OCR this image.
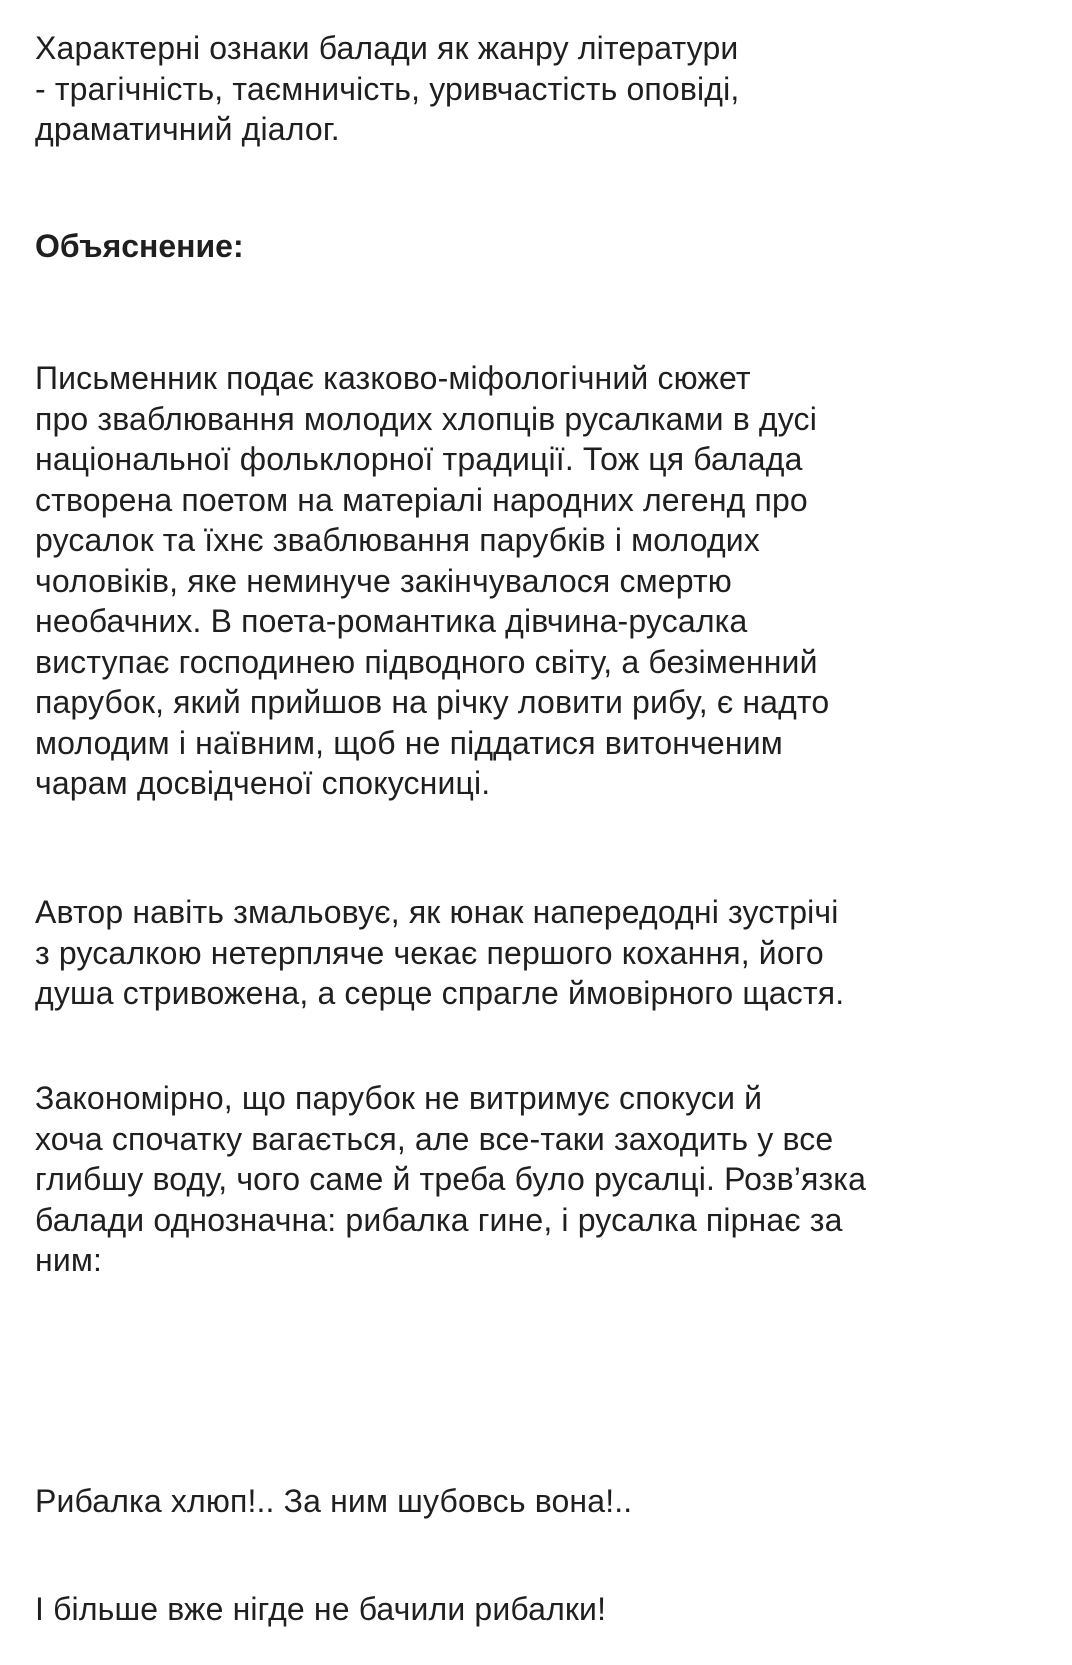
Характерні ознаки балади як жанру літератури
- трагічність, таємничість, уривчастість оповіді,
драматичний діалог.
Объяснение:
Письменник подає казково-міфологічний сюжет
про зваблювання молодих хлопців русалками в дусі
національної фольклорної традиції. Тож ця балада
створена поетом на матеріалі народних легенд про
русалок та їхнє зваблювання парубків і молодих
чоловіків, яке неминуче закінчувалося смертю
необачних. В поета-романтика дівчина-русалка
виступає господинею підводного світу, а безіменний
парубок, який прийшов на річку ловити рибу, є надто
молодим і наївним, щоб не піддатися витонченим
чарам досвідченої спокусниці.
Автор навіть змальовує, як юнак напередодні зустрічі
з русалкою нетерпляче чекає першого кохання, його
душа стривожена, а серце спрагле ймовірного щастя.
Закономірно, що парубок не витримує спокуси й
хоча спочатку вагається, але все-таки заходить у все
глибшу воду, чого саме й треба було русалці. Розв’язка
балади однозначна: рибалка гине, і русалка пірнає за
ним:
Рибалка хлюп!.. За ним шубовсь вона!..
І більше вже нігде не бачили рибалки!
